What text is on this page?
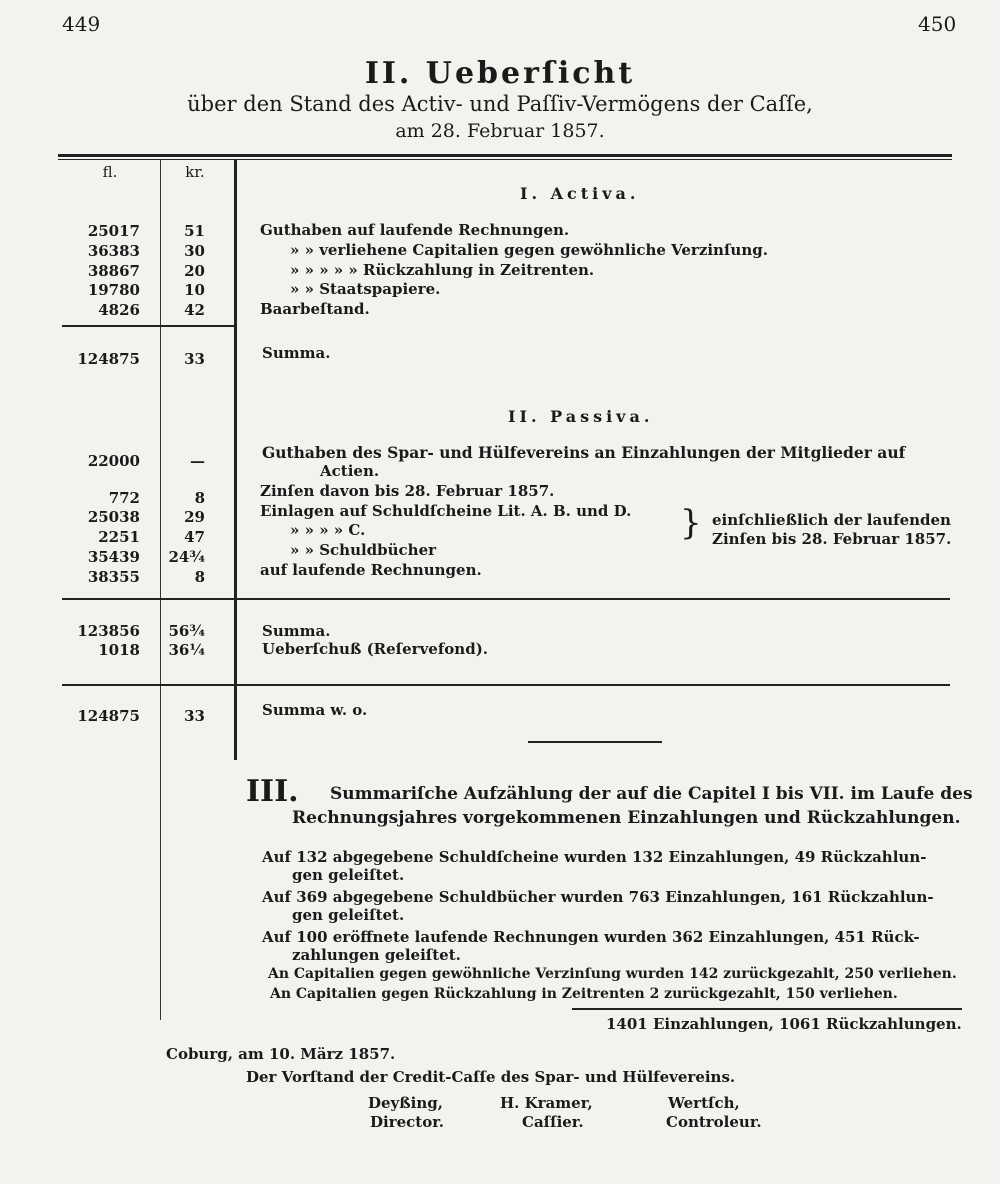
449	450
II. Ueberſicht
über den Stand des Activ- und Paſſiv-Vermögens der Caſſe,
am 28. Februar 1857.
fl.	kr.
I. Activa.
25017	51	Guthaben auf laufende Rechnungen.
36383	30	» » verliehene Capitalien gegen gewöhnliche Verzinſung.
38867	20	» » » » » Rückzahlung in Zeitrenten.
19780	10	» » Staatspapiere.
4826	42	Baarbeſtand.
124875	33	Summa.
II. Passiva.
22000	—	Guthaben des Spar- und Hülfevereins an Einzahlungen der Mitglieder auf
Actien.
772	8	Zinſen davon bis 28. Februar 1857.
25038	29	Einlagen auf Schuldſcheine Lit. A. B. und D.
2251	47	» » » » C.
35439 24¾	» » Schuldbücher
38355	8	auf laufende Rechnungen.
} einſchließlich der laufenden
Zinſen bis 28. Februar 1857.
123856 56¾	Summa.
1018 36¼	Ueberſchuß (Reſervefond).
124875	33	Summa w. o.
III. Summariſche Aufzählung der auf die Capitel I bis VII. im Laufe des
Rechnungsjahres vorgekommenen Einzahlungen und Rückzahlungen.
Auf 132 abgegebene Schuldſcheine wurden 132 Einzahlungen, 49 Rückzahlun-
gen geleiſtet.
Auf 369 abgegebene Schuldbücher wurden 763 Einzahlungen, 161 Rückzahlun-
gen geleiſtet.
Auf 100 eröffnete laufende Rechnungen wurden 362 Einzahlungen, 451 Rück-
zahlungen geleiſtet.
An Capitalien gegen gewöhnliche Verzinſung wurden 142 zurückgezahlt, 250 verliehen.
An Capitalien gegen Rückzahlung in Zeitrenten 2 zurückgezahlt, 150 verliehen.
1401 Einzahlungen, 1061 Rückzahlungen.
Coburg, am 10. März 1857.
Der Vorſtand der Credit-Caſſe des Spar- und Hülfevereins.
Deyßing,
Director.
H. Kramer,
Caſſier.
Wertſch,
Controleur.
